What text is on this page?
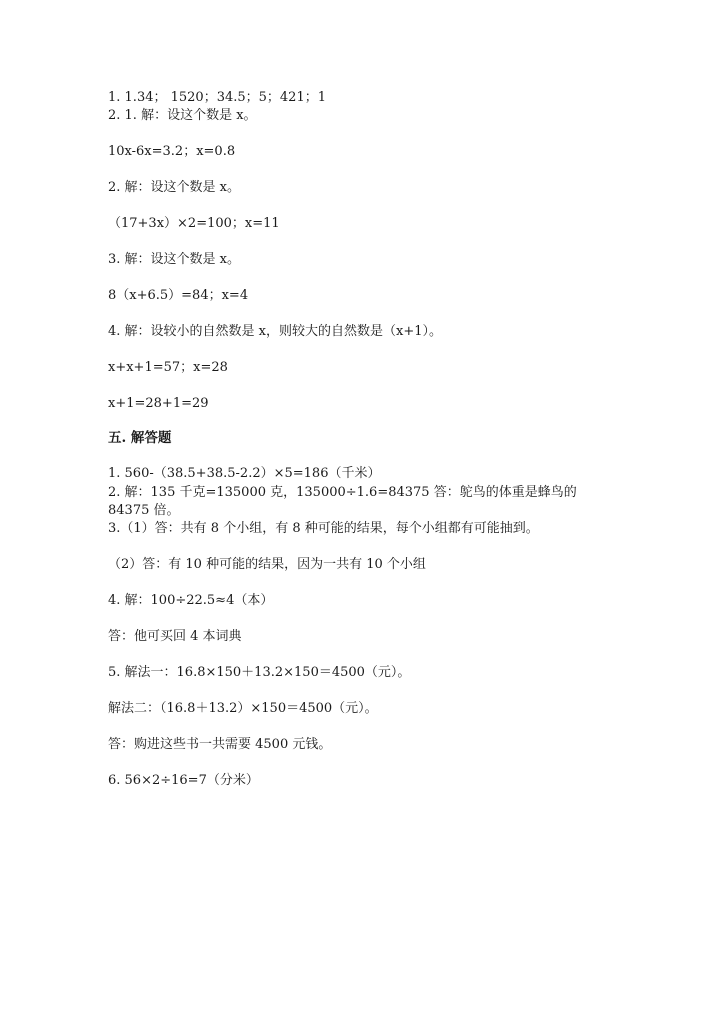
1. 1.34； 1520；34.5；5；421；1

2. 1. 解：设这个数是 x。

10x-6x=3.2；x=0.8

2. 解：设这个数是 x。

（17+3x）×2=100；x=11

3. 解：设这个数是 x。

8（x+6.5）=84；x=4

4. 解：设较小的自然数是 x，则较大的自然数是（x+1）。

x+x+1=57；x=28

x+1=28+1=29

五. 解答题

1. 560-（38.5+38.5-2.2）×5=186（千米）

2. 解：135 千克=135000 克，135000÷1.6=84375 答：鸵鸟的体重是蜂鸟的

84375 倍。

3.（1）答：共有 8 个小组，有 8 种可能的结果，每个小组都有可能抽到。

（2）答：有 10 种可能的结果，因为一共有 10 个小组

4. 解：100÷22.5≈4（本）

答：他可买回 4 本词典

5. 解法一：16.8×150＋13.2×150＝4500（元）。

解法二：（16.8＋13.2）×150＝4500（元）。

答：购进这些书一共需要 4500 元钱。

6. 56×2÷16=7（分米）
